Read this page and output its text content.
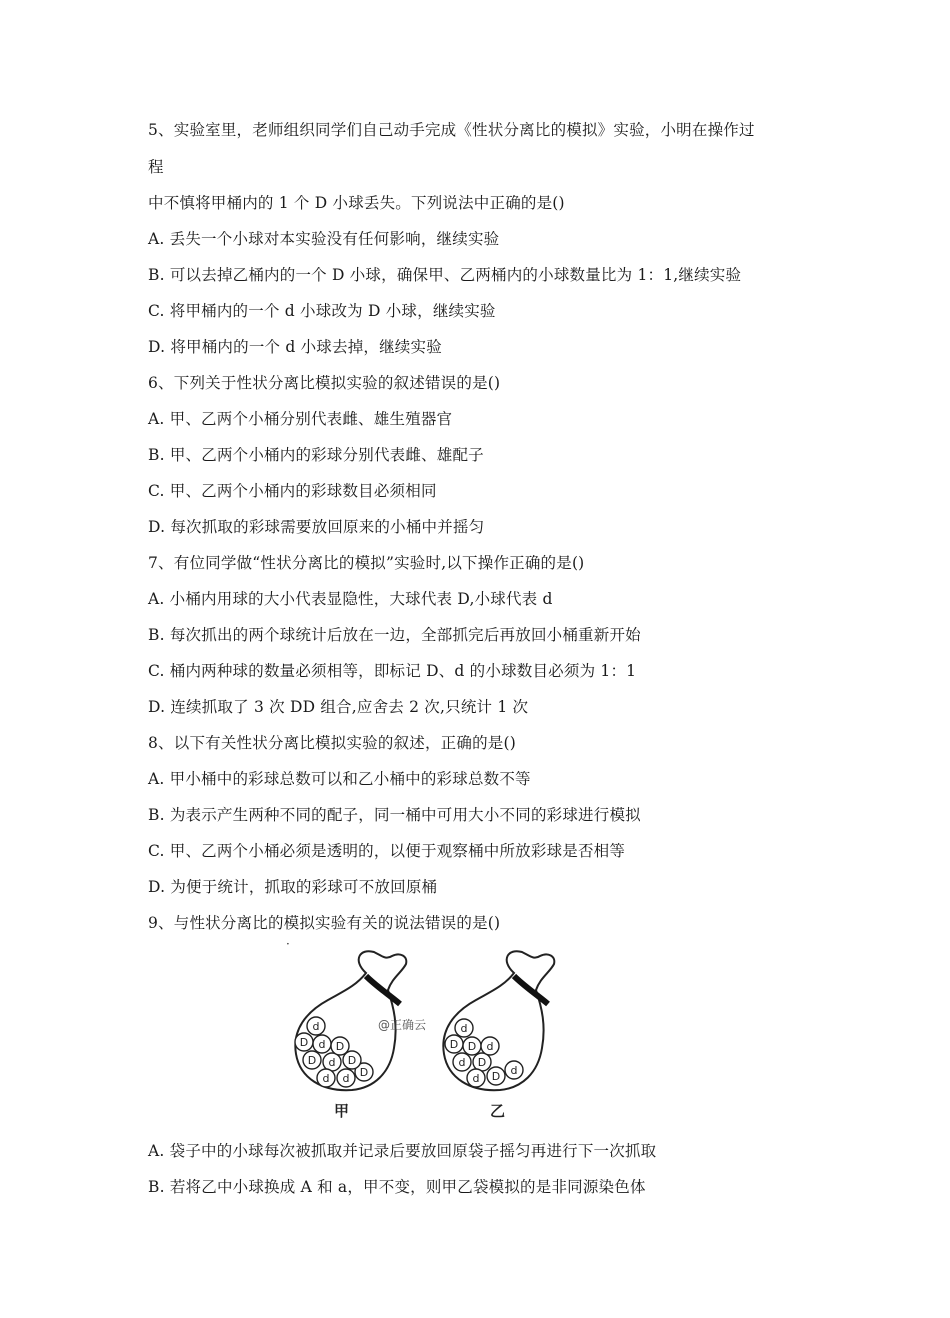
5、实验室里，老师组织同学们自己动手完成《性状分离比的模拟》实验，小明在操作过
程
中不慎将甲桶内的 1 个 D 小球丢失。下列说法中正确的是()
A. 丢失一个小球对本实验没有任何影响，继续实验
B. 可以去掉乙桶内的一个 D 小球，确保甲、乙两桶内的小球数量比为 1：1,继续实验
C. 将甲桶内的一个 d 小球改为 D 小球，继续实验
D. 将甲桶内的一个 d 小球去掉，继续实验
6、下列关于性状分离比模拟实验的叙述错误的是()
A. 甲、乙两个小桶分别代表雌、雄生殖器官
B. 甲、乙两个小桶内的彩球分别代表雌、雄配子
C. 甲、乙两个小桶内的彩球数目必须相同
D. 每次抓取的彩球需要放回原来的小桶中并摇匀
7、有位同学做“性状分离比的模拟”实验时,以下操作正确的是()
A. 小桶内用球的大小代表显隐性，大球代表 D,小球代表 d
B. 每次抓出的两个球统计后放在一边，全部抓完后再放回小桶重新开始
C. 桶内两种球的数量必须相等，即标记 D、d 的小球数目必须为 1：1
D. 连续抓取了 3 次 DD 组合,应舍去 2 次,只统计 1 次
8、以下有关性状分离比模拟实验的叙述，正确的是()
A. 甲小桶中的彩球总数可以和乙小桶中的彩球总数不等
B. 为表示产生两种不同的配子，同一桶中可用大小不同的彩球进行模拟
C. 甲、乙两个小桶必须是透明的，以便于观察桶中所放彩球是否相等
D. 为便于统计，抓取的彩球可不放回原桶
9、与性状分离比的模拟实验有关的说法错误的是()
·
d
D d
D d
D
d d D
D
d
D D
d D
d
d D d
@正确云
甲	乙
A. 袋子中的小球每次被抓取并记录后要放回原袋子摇匀再进行下一次抓取
B. 若将乙中小球换成 A 和 a，甲不变，则甲乙袋模拟的是非同源染色体
